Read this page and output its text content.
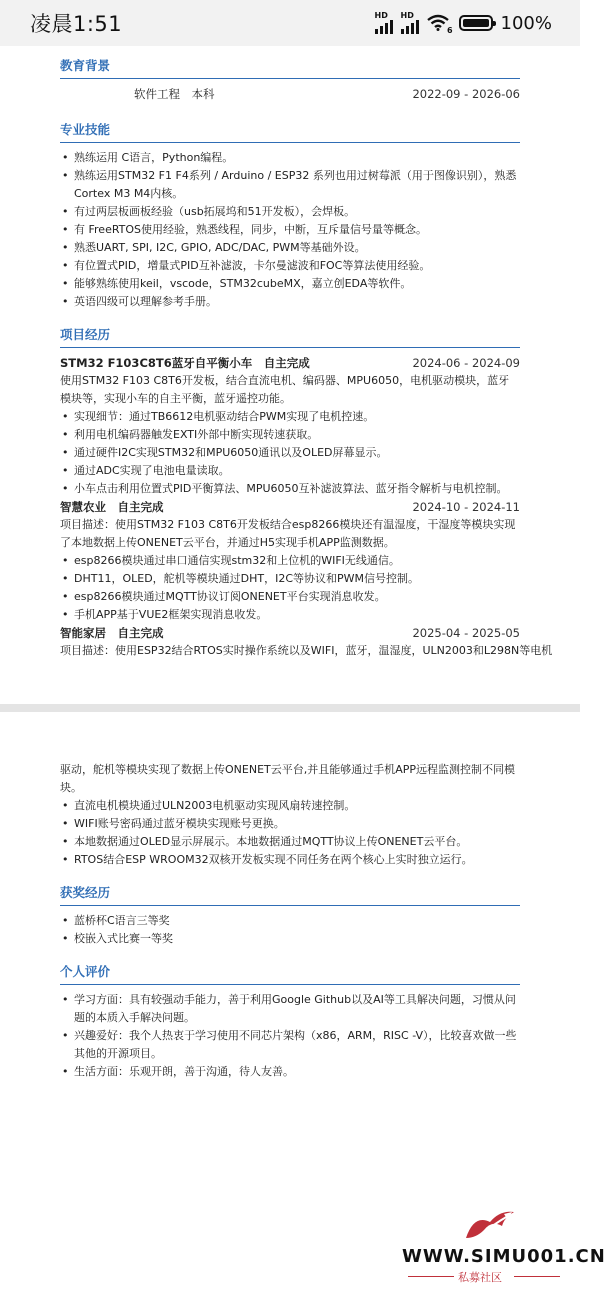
凌晨1:51	HD HD
6	100%
教育背景
软件工程　本科	2022-09 - 2026-06
专业技能
• 熟练运用 C语言，Python编程。
• 熟练运用STM32 F1 F4系列 / Arduino / ESP32 系列也用过树莓派（用于图像识别），熟悉Cortex M3 M4内核。
• 有过两层板画板经验（usb拓展坞和51开发板），会焊板。
• 有 FreeRTOS使用经验，熟悉线程，同步，中断，互斥量信号量等概念。
• 熟悉UART, SPI, I2C, GPIO, ADC/DAC, PWM等基础外设。
• 有位置式PID，增量式PID互补滤波，卡尔曼滤波和FOC等算法使用经验。
• 能够熟练使用keil，vscode，STM32cubeMX，嘉立创EDA等软件。
• 英语四级可以理解参考手册。
项目经历
STM32 F103C8T6蓝牙自平衡小车　自主完成	2024-06 - 2024-09

使用STM32 F103 C8T6开发板，结合直流电机、编码器、MPU6050，电机驱动模块，蓝牙模块等，实现小车的自主平衡，蓝牙遥控功能。

• 实现细节：通过TB6612电机驱动结合PWM实现了电机控速。
• 利用电机编码器触发EXTI外部中断实现转速获取。
• 通过硬件I2C实现STM32和MPU6050通讯以及OLED屏幕显示。
• 通过ADC实现了电池电量读取。
• 小车点击利用位置式PID平衡算法、MPU6050互补滤波算法、蓝牙指令解析与电机控制。
智慧农业　自主完成	2024-10 - 2024-11

项目描述：使用STM32 F103 C8T6开发板结合esp8266模块还有温湿度，干湿度等模块实现了本地数据上传ONENET云平台，并通过H5实现手机APP监测数据。

• esp8266模块通过串口通信实现stm32和上位机的WIFI无线通信。
• DHT11，OLED，舵机等模块通过DHT，I2C等协议和PWM信号控制。
• esp8266模块通过MQTT协议订阅ONENET平台实现消息收发。
• 手机APP基于VUE2框架实现消息收发。
智能家居　自主完成	2025-04 - 2025-05

项目描述：使用ESP32结合RTOS实时操作系统以及WIFI，蓝牙，温湿度，ULN2003和L298N等电机

驱动，舵机等模块实现了数据上传ONENET云平台,并且能够通过手机APP远程监测控制不同模块。

• 直流电机模块通过ULN2003电机驱动实现风扇转速控制。
• WIFI账号密码通过蓝牙模块实现账号更换。
• 本地数据通过OLED显示屏展示。本地数据通过MQTT协议上传ONENET云平台。
• RTOS结合ESP WROOM32双核开发板实现不同任务在两个核心上实时独立运行。
获奖经历
• 蓝桥杯C语言三等奖
• 校嵌入式比赛一等奖
个人评价
• 学习方面：具有较强动手能力，善于利用Google Github以及AI等工具解决问题，习惯从问题的本质入手解决问题。
• 兴趣爱好：我个人热衷于学习使用不同芯片架构（x86，ARM，RISC -V），比较喜欢做一些其他的开源项目。
• 生活方面：乐观开朗，善于沟通，待人友善。
WWW.SIMU001.CN
私募社区
